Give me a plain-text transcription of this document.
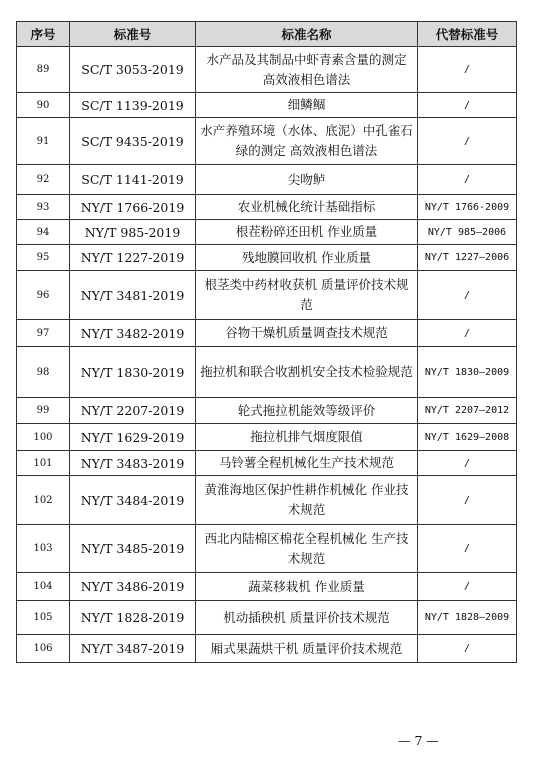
序号	标准号	标准名称	代替标准号
89	SC/T 3053-2019	水产品及其制品中虾青素含量的测定 高效液相色谱法	/
90	SC/T 1139-2019	细鳞鲴	/
91	SC/T 9435-2019	水产养殖环境（水体、底泥）中孔雀石绿的测定 高效液相色谱法	/
92	SC/T 1141-2019	尖吻鲈	/
93	NY/T 1766-2019	农业机械化统计基础指标	NY/T 1766-2009
94	NY/T 985-2019	根茬粉碎还田机 作业质量	NY/T 985—2006
95	NY/T 1227-2019	残地膜回收机 作业质量	NY/T 1227—2006
96	NY/T 3481-2019	根茎类中药材收获机 质量评价技术规范	/
97	NY/T 3482-2019	谷物干燥机质量调查技术规范	/
98	NY/T 1830-2019	拖拉机和联合收割机安全技术检验规范	NY/T 1830—2009
99	NY/T 2207-2019	轮式拖拉机能效等级评价	NY/T 2207—2012
100	NY/T 1629-2019	拖拉机排气烟度限值	NY/T 1629—2008
101	NY/T 3483-2019	马铃薯全程机械化生产技术规范	/
102	NY/T 3484-2019	黄淮海地区保护性耕作机械化 作业技术规范	/
103	NY/T 3485-2019	西北内陆棉区棉花全程机械化 生产技术规范	/
104	NY/T 3486-2019	蔬菜移栽机 作业质量	/
105	NY/T 1828-2019	机动插秧机 质量评价技术规范	NY/T 1828—2009
106	NY/T 3487-2019	厢式果蔬烘干机 质量评价技术规范	/
— 7 —
